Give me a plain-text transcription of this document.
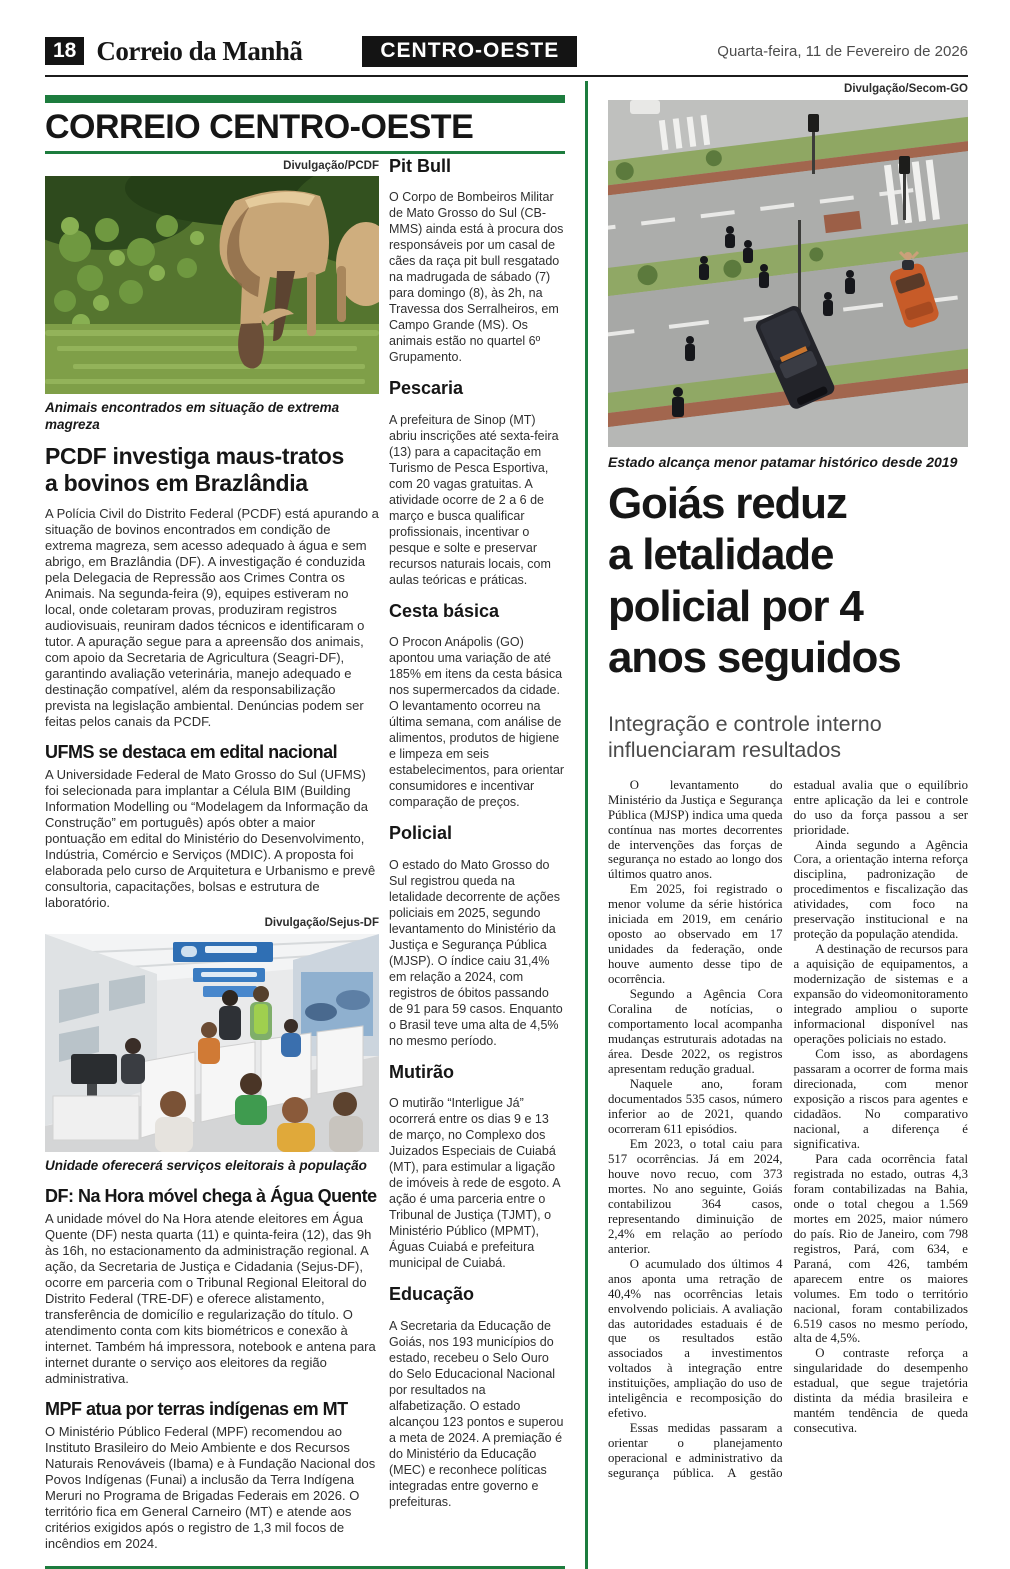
18 Correio da Manhã	CENTRO-OESTE	Quarta-feira, 11 de Fevereiro de 2026
CORREIO CENTRO-OESTE
Divulgação/PCDF
Animais encontrados em situação de extrema magreza
PCDF investiga maus-tratos
a bovinos em Brazlândia

A Polícia Civil do Distrito Federal (PCDF) está apurando a situação de bovinos encontrados em condição de extrema magreza, sem acesso adequado à água e sem abrigo, em Brazlândia (DF). A investigação é conduzida pela Delegacia de Repressão aos Crimes Contra os Animais. Na segunda-feira (9), equipes estiveram no local, onde coletaram provas, produziram registros audiovisuais, reuniram dados técnicos e identificaram o tutor. A apuração segue para a apreensão dos animais, com apoio da Secretaria de Agricultura (Seagri-DF), garantindo avaliação veterinária, manejo adequado e destinação compatível, além da responsabilização prevista na legislação ambiental. Denúncias podem ser feitas pelos canais da PCDF.

UFMS se destaca em edital nacional

A Universidade Federal de Mato Grosso do Sul (UFMS) foi selecionada para implantar a Célula BIM (Building Information Modelling ou “Modelagem da Informação da Construção” em português) após obter a maior pontuação em edital do Ministério do Desenvolvimento, Indústria, Comércio e Serviços (MDIC). A proposta foi elaborada pelo curso de Arquitetura e Urbanismo e prevê consultoria, capacitações, bolsas e estrutura de laboratório.

Divulgação/Sejus-DF
Unidade oferecerá serviços eleitorais à população
DF: Na Hora móvel chega à Água Quente

A unidade móvel do Na Hora atende eleitores em Água Quente (DF) nesta quarta (11) e quinta-feira (12), das 9h às 16h, no estacionamento da administração regional. A ação, da Secretaria de Justiça e Cidadania (Sejus-DF), ocorre em parceria com o Tribunal Regional Eleitoral do Distrito Federal (TRE-DF) e oferece alistamento, transferência de domicílio e regularização do título. O atendimento conta com kits biométricos e conexão à internet. Também há impressora, notebook e antena para internet durante o serviço aos eleitores da região administrativa.

MPF atua por terras indígenas em MT

O Ministério Público Federal (MPF) recomendou ao Instituto Brasileiro do Meio Ambiente e dos Recursos Naturais Renováveis (Ibama) e à Fundação Nacional dos Povos Indígenas (Funai) a inclusão da Terra Indígena Meruri no Programa de Brigadas Federais em 2026. O território fica em General Carneiro (MT) e atende aos critérios exigidos após o registro de 1,3 mil focos de incêndios em 2024.

Pit Bull

O Corpo de Bombeiros Militar de Mato Grosso do Sul (CB-MMS) ainda está à procura dos responsáveis por um casal de cães da raça pit bull resgatado na madrugada de sábado (7) para domingo (8), às 2h, na Travessa dos Serralheiros, em Campo Grande (MS). Os animais estão no quartel 6º Grupamento.

Pescaria

A prefeitura de Sinop (MT) abriu inscrições até sexta-feira (13) para a capacitação em Turismo de Pesca Esportiva, com 20 vagas gratuitas. A atividade ocorre de 2 a 6 de março e busca qualificar profissionais, incentivar o pesque e solte e preservar recursos naturais locais, com aulas teóricas e práticas.

Cesta básica

O Procon Anápolis (GO) apontou uma variação de até 185% em itens da cesta básica nos supermercados da cidade. O levantamento ocorreu na última semana, com análise de alimentos, produtos de higiene e limpeza em seis estabelecimentos, para orientar consumidores e incentivar comparação de preços.

Policial

O estado do Mato Grosso do Sul registrou queda na letalidade decorrente de ações policiais em 2025, segundo levantamento do Ministério da Justiça e Segurança Pública (MJSP). O índice caiu 31,4% em relação a 2024, com registros de óbitos passando de 91 para 59 casos. Enquanto o Brasil teve uma alta de 4,5% no mesmo período.

Mutirão

O mutirão “Interligue Já” ocorrerá entre os dias 9 e 13 de março, no Complexo dos Juizados Especiais de Cuiabá (MT), para estimular a ligação de imóveis à rede de esgoto. A ação é uma parceria entre o Tribunal de Justiça (TJMT), o Ministério Público (MPMT), Águas Cuiabá e prefeitura municipal de Cuiabá.

Educação

A Secretaria da Educação de Goiás, nos 193 municípios do estado, recebeu o Selo Ouro do Selo Educacional Nacional por resultados na alfabetização. O estado alcançou 123 pontos e superou a meta de 2024. A premiação é do Ministério da Educação (MEC) e reconhece políticas integradas entre governo e prefeituras.

Divulgação/Secom-GO
Estado alcança menor patamar histórico desde 2019
Goiás reduz
a letalidade
policial por 4
anos seguidos
Integração e controle interno
influenciaram resultados

O levantamento do Ministério da Justiça e Segurança Pública (MJSP) indica uma queda contínua nas mortes decorrentes de intervenções das forças de segurança no estado ao longo dos últimos quatro anos.

Em 2025, foi registrado o menor volume da série histórica iniciada em 2019, em cenário oposto ao observado em 17 unidades da federação, onde houve aumento desse tipo de ocorrência.

Segundo a Agência Cora Coralina de notícias, o comportamento local acompanha mudanças estruturais adotadas na área. Desde 2022, os registros apresentam redução gradual.

Naquele ano, foram documentados 535 casos, número inferior ao de 2021, quando ocorreram 611 episódios.

Em 2023, o total caiu para 517 ocorrências. Já em 2024, houve novo recuo, com 373 mortes. No ano seguinte, Goiás contabilizou 364 casos, representando diminuição de 2,4% em relação ao período anterior.

O acumulado dos últimos 4 anos aponta uma retração de 40,4% nas ocorrências letais envolvendo policiais. A avaliação das autoridades estaduais é de que os resultados estão associados a investimentos voltados à integração entre instituições, ampliação do uso de inteligência e recomposição do efetivo.

Essas medidas passaram a orientar o planejamento operacional e administrativo da segurança pública. A gestão estadual avalia que o equilíbrio entre aplicação da lei e controle do uso da força passou a ser prioridade.

Ainda segundo a Agência Cora, a orientação interna reforça disciplina, padronização de procedimentos e fiscalização das atividades, com foco na preservação institucional e na proteção da população atendida.

A destinação de recursos para a aquisição de equipamentos, a modernização de sistemas e a expansão do videomonitoramento integrado ampliou o suporte informacional disponível nas operações policiais no estado.

Com isso, as abordagens passaram a ocorrer de forma mais direcionada, com menor exposição a riscos para agentes e cidadãos. No comparativo nacional, a diferença é significativa.

Para cada ocorrência fatal registrada no estado, outras 4,3 foram contabilizadas na Bahia, onde o total chegou a 1.569 mortes em 2025, maior número do país. Rio de Janeiro, com 798 registros, Pará, com 634, e Paraná, com 426, também aparecem entre os maiores volumes. Em todo o território nacional, foram contabilizados 6.519 casos no mesmo período, alta de 4,5%.

O contraste reforça a singularidade do desempenho estadual, que segue trajetória distinta da média brasileira e mantém tendência de queda consecutiva.
